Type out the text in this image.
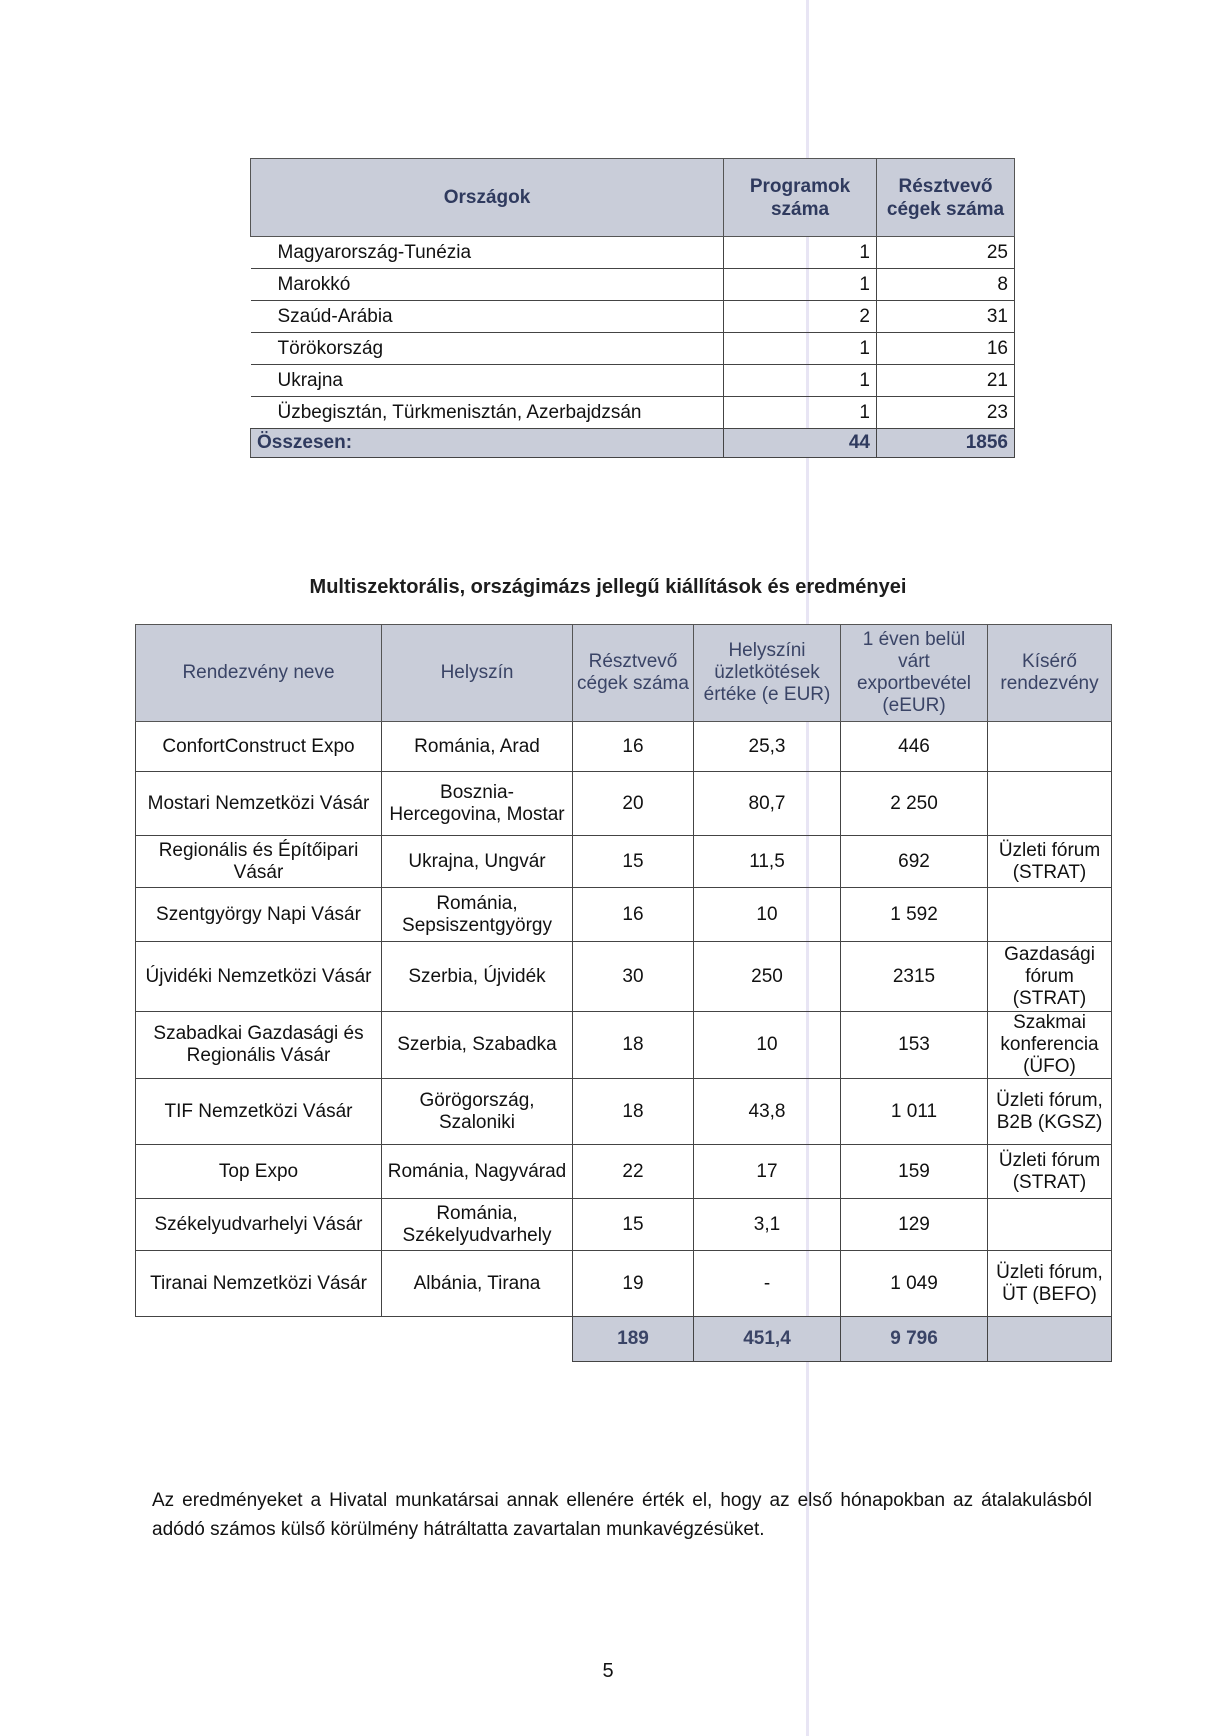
Országok	Programok száma	Résztvevő cégek száma
Magyarország-Tunézia	1	25
Marokkó	1	8
Szaúd-Arábia	2	31
Törökország	1	16
Ukrajna	1	21
Üzbegisztán, Türkmenisztán, Azerbajdzsán	1	23
Összesen:	44	1856
Multiszektorális, országimázs jellegű kiállítások és eredményei
Rendezvény neve	Helyszín	Résztvevő cégek száma	Helyszíni üzletkötések értéke (e EUR)	1 éven belül várt exportbevétel (eEUR)	Kísérő rendezvény
ConfortConstruct Expo	Románia, Arad	16	25,3	446	
Mostari Nemzetközi Vásár	Bosznia-Hercegovina, Mostar	20	80,7	2 250	
Regionális és Építőipari Vásár	Ukrajna, Ungvár	15	11,5	692	Üzleti fórum (STRAT)
Szentgyörgy Napi Vásár	Románia, Sepsiszentgyörgy	16	10	1 592	
Újvidéki Nemzetközi Vásár	Szerbia, Újvidék	30	250	2315	Gazdasági fórum (STRAT)
Szabadkai Gazdasági és Regionális Vásár	Szerbia, Szabadka	18	10	153	Szakmai konferencia (ÜFO)
TIF Nemzetközi Vásár	Görögország, Szaloniki	18	43,8	1 011	Üzleti fórum, B2B (KGSZ)
Top Expo	Románia, Nagyvárad	22	17	159	Üzleti fórum (STRAT)
Székelyudvarhelyi Vásár	Románia, Székelyudvarhely	15	3,1	129	
Tiranai Nemzetközi Vásár	Albánia, Tirana	19	-	1 049	Üzleti fórum, ÜT (BEFO)
		189	451,4	9 796	
Az eredményeket a Hivatal munkatársai annak ellenére érték el, hogy az első hónapokban az átalakulásból adódó számos külső körülmény hátráltatta zavartalan munkavégzésüket.
5
